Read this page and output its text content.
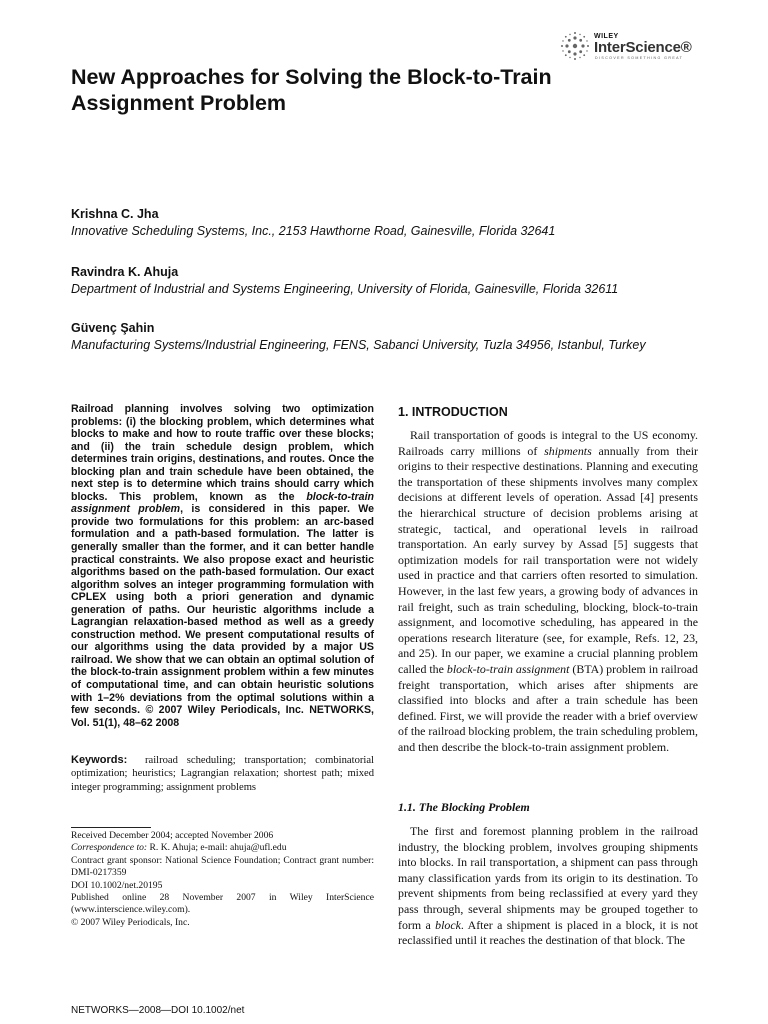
WILEY
InterScience®
DISCOVER SOMETHING GREAT
New Approaches for Solving the Block-to-Train Assignment Problem
Krishna C. Jha
Innovative Scheduling Systems, Inc., 2153 Hawthorne Road, Gainesville, Florida 32641
Ravindra K. Ahuja
Department of Industrial and Systems Engineering, University of Florida, Gainesville, Florida 32611
Güvenç Şahin
Manufacturing Systems/Industrial Engineering, FENS, Sabanci University, Tuzla 34956, Istanbul, Turkey

Railroad planning involves solving two optimization problems: (i) the blocking problem, which determines what blocks to make and how to route traffic over these blocks; and (ii) the train schedule design problem, which determines train origins, destinations, and routes. Once the blocking plan and train schedule have been obtained, the next step is to determine which trains should carry which blocks. This problem, known as the block-to-train assignment problem, is considered in this paper. We provide two formulations for this problem: an arc-based formulation and a path-based formulation. The latter is generally smaller than the former, and it can better handle practical constraints. We also propose exact and heuristic algorithms based on the path-based formulation. Our exact algorithm solves an integer programming formulation with CPLEX using both a priori generation and dynamic generation of paths. Our heuristic algorithms include a Lagrangian relaxation-based method as well as a greedy construction method. We present computational results of our algorithms using the data provided by a major US railroad. We show that we can obtain an optimal solution of the block-to-train assignment problem within a few minutes of computational time, and can obtain heuristic solutions with 1–2% deviations from the optimal solutions within a few seconds. © 2007 Wiley Periodicals, Inc. NETWORKS, Vol. 51(1), 48–62 2008

Keywords: railroad scheduling; transportation; combinatorial optimization; heuristics; Lagrangian relaxation; shortest path; mixed integer programming; assignment problems

Received December 2004; accepted November 2006
Correspondence to: R. K. Ahuja; e-mail: ahuja@ufl.edu
Contract grant sponsor: National Science Foundation; Contract grant number: DMI-0217359
DOI 10.1002/net.20195
Published online 28 November 2007 in Wiley InterScience (www.interscience.wiley.com).
© 2007 Wiley Periodicals, Inc.
1. INTRODUCTION

Rail transportation of goods is integral to the US economy. Railroads carry millions of shipments annually from their origins to their respective destinations. Planning and executing the transportation of these shipments involves many complex decisions at different levels of operation. Assad [4] presents the hierarchical structure of decision problems arising at strategic, tactical, and operational levels in railroad transportation. An early survey by Assad [5] suggests that optimization models for rail transportation were not widely used in practice and that carriers often resorted to simulation. However, in the last few years, a growing body of advances in rail freight, such as train scheduling, blocking, block-to-train assignment, and locomotive scheduling, has appeared in the operations research literature (see, for example, Refs. 12, 23, and 25). In our paper, we examine a crucial planning problem called the block-to-train assignment (BTA) problem in railroad freight transportation, which arises after shipments are classified into blocks and after a train schedule has been defined. First, we will provide the reader with a brief overview of the railroad blocking problem, the train scheduling problem, and then describe the block-to-train assignment problem.

1.1. The Blocking Problem

The first and foremost planning problem in the railroad industry, the blocking problem, involves grouping shipments into blocks. In rail transportation, a shipment can pass through many classification yards from its origin to its destination. To prevent shipments from being reclassified at every yard they pass through, several shipments may be grouped together to form a block. After a shipment is placed in a block, it is not reclassified until it reaches the destination of that block. The

NETWORKS—2008—DOI 10.1002/net
